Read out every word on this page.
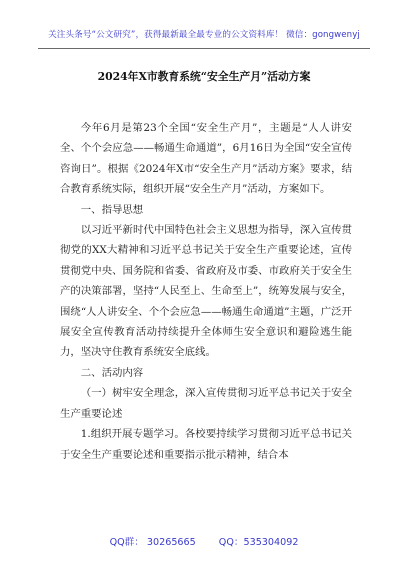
关注头条号“公文研究”，获得最新最全最专业的公文资料库！ 微信：gongwenyj
2024年X市教育系统“安全生产月”活动方案

今年6月是第23个全国“安全生产月”，主题是“人人讲安全、个个会应急——畅通生命通道”，6月16日为全国“安全宣传咨询日”。根据《2024年X市“安全生产月”活动方案》要求，结合教育系统实际，组织开展“安全生产月”活动，方案如下。

一、指导思想

以习近平新时代中国特色社会主义思想为指导，深入宣传贯彻党的XX大精神和习近平总书记关于安全生产重要论述，宣传贯彻党中央、国务院和省委、省政府及市委、市政府关于安全生产的决策部署，坚持“人民至上、生命至上”，统筹发展与安全，围绕“人人讲安全、个个会应急——畅通生命通道”主题，广泛开展安全宣传教育活动持续提升全体师生安全意识和避险逃生能力，坚决守住教育系统安全底线。

二、活动内容

（一）树牢安全理念，深入宣传贯彻习近平总书记关于安全生产重要论述

1.组织开展专题学习。各校要持续学习贯彻习近平总书记关于安全生产重要论述和重要指示批示精神，结合本

QQ群： 30265665 QQ：535304092
